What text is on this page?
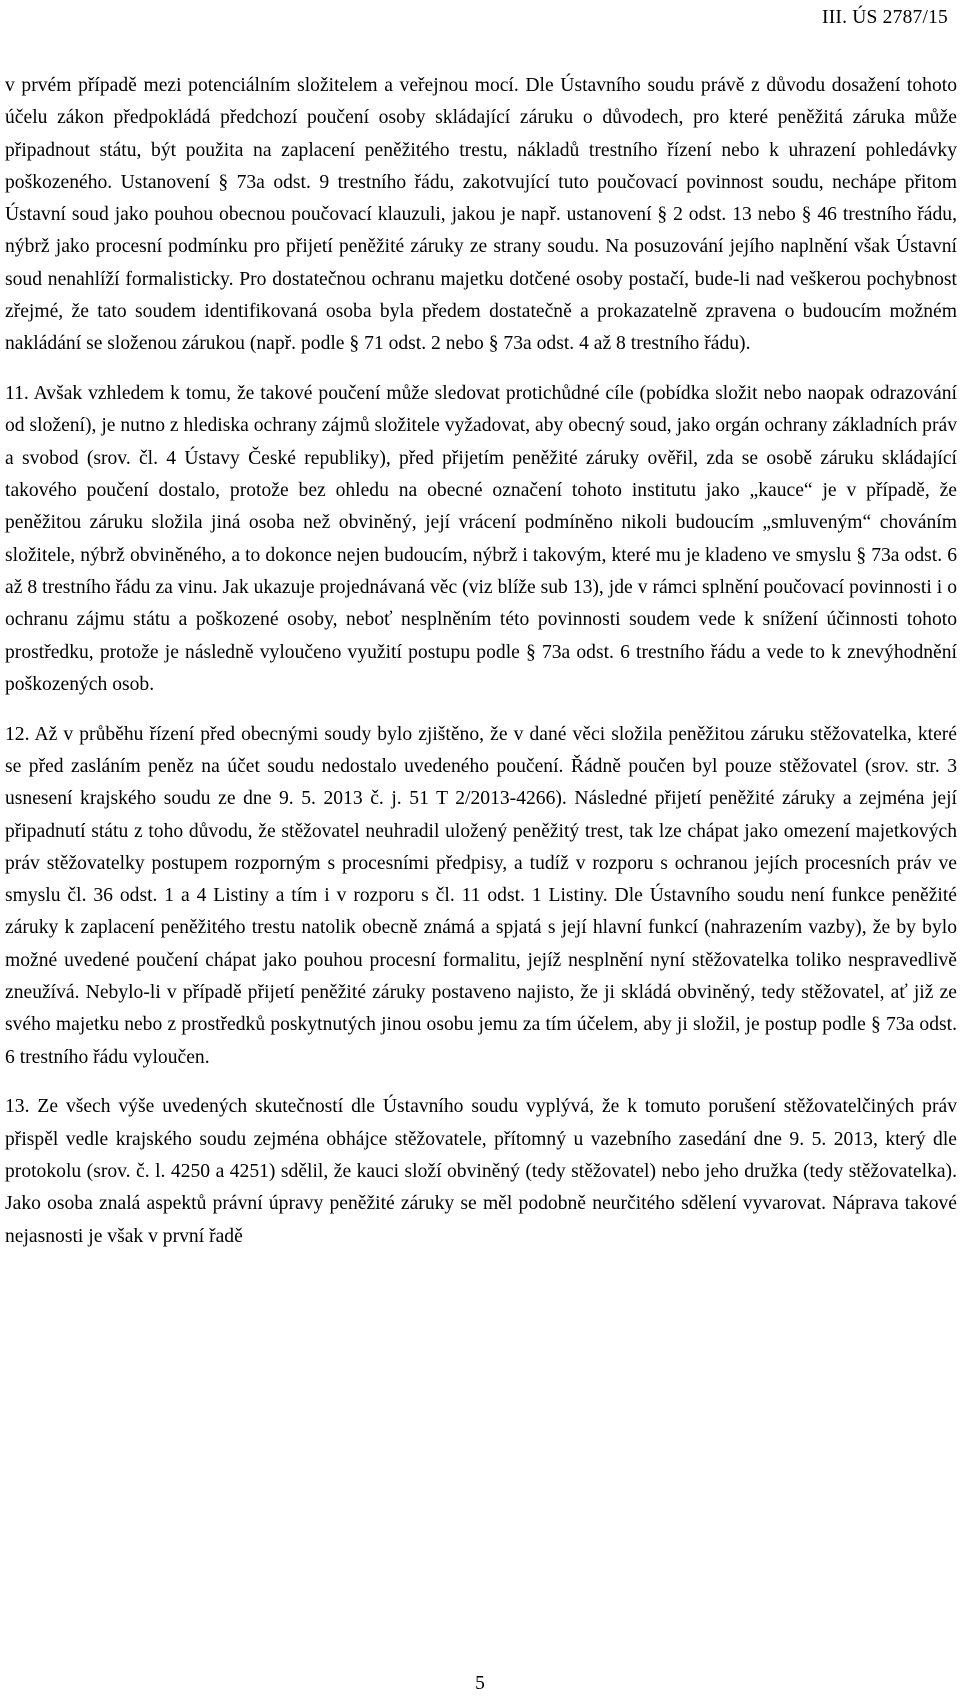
III. ÚS 2787/15

v prvém případě mezi potenciálním složitelem a veřejnou mocí. Dle Ústavního soudu právě z důvodu dosažení tohoto účelu zákon předpokládá předchozí poučení osoby skládající záruku o důvodech, pro které peněžitá záruka může připadnout státu, být použita na zaplacení peněžitého trestu, nákladů trestního řízení nebo k uhrazení pohledávky poškozeného. Ustanovení § 73a odst. 9 trestního řádu, zakotvující tuto poučovací povinnost soudu, nechápe přitom Ústavní soud jako pouhou obecnou poučovací klauzuli, jakou je např. ustanovení § 2 odst. 13 nebo § 46 trestního řádu, nýbrž jako procesní podmínku pro přijetí peněžité záruky ze strany soudu. Na posuzování jejího naplnění však Ústavní soud nenahlíží formalisticky. Pro dostatečnou ochranu majetku dotčené osoby postačí, bude-li nad veškerou pochybnost zřejmé, že tato soudem identifikovaná osoba byla předem dostatečně a prokazatelně zpravena o budoucím možném nakládání se složenou zárukou (např. podle § 71 odst. 2 nebo § 73a odst. 4 až 8 trestního řádu).

11. Avšak vzhledem k tomu, že takové poučení může sledovat protichůdné cíle (pobídka složit nebo naopak odrazování od složení), je nutno z hlediska ochrany zájmů složitele vyžadovat, aby obecný soud, jako orgán ochrany základních práv a svobod (srov. čl. 4 Ústavy České republiky), před přijetím peněžité záruky ověřil, zda se osobě záruku skládající takového poučení dostalo, protože bez ohledu na obecné označení tohoto institutu jako „kauce“ je v případě, že peněžitou záruku složila jiná osoba než obviněný, její vrácení podmíněno nikoli budoucím „smluveným“ chováním složitele, nýbrž obviněného, a to dokonce nejen budoucím, nýbrž i takovým, které mu je kladeno ve smyslu § 73a odst. 6 až 8 trestního řádu za vinu. Jak ukazuje projednávaná věc (viz blíže sub 13), jde v rámci splnění poučovací povinnosti i o ochranu zájmu státu a poškozené osoby, neboť nesplněním této povinnosti soudem vede k snížení účinnosti tohoto prostředku, protože je následně vyloučeno využití postupu podle § 73a odst. 6 trestního řádu a vede to k znevýhodnění poškozených osob.

12. Až v průběhu řízení před obecnými soudy bylo zjištěno, že v dané věci složila peněžitou záruku stěžovatelka, které se před zasláním peněz na účet soudu nedostalo uvedeného poučení. Řádně poučen byl pouze stěžovatel (srov. str. 3 usnesení krajského soudu ze dne 9. 5. 2013 č. j. 51 T 2/2013-4266). Následné přijetí peněžité záruky a zejména její připadnutí státu z toho důvodu, že stěžovatel neuhradil uložený peněžitý trest, tak lze chápat jako omezení majetkových práv stěžovatelky postupem rozporným s procesními předpisy, a tudíž v rozporu s ochranou jejích procesních práv ve smyslu čl. 36 odst. 1 a 4 Listiny a tím i v rozporu s čl. 11 odst. 1 Listiny. Dle Ústavního soudu není funkce peněžité záruky k zaplacení peněžitého trestu natolik obecně známá a spjatá s její hlavní funkcí (nahrazením vazby), že by bylo možné uvedené poučení chápat jako pouhou procesní formalitu, jejíž nesplnění nyní stěžovatelka toliko nespravedlivě zneužívá. Nebylo-li v případě přijetí peněžité záruky postaveno najisto, že ji skládá obviněný, tedy stěžovatel, ať již ze svého majetku nebo z prostředků poskytnutých jinou osobu jemu za tím účelem, aby ji složil, je postup podle § 73a odst. 6 trestního řádu vyloučen.

13. Ze všech výše uvedených skutečností dle Ústavního soudu vyplývá, že k tomuto porušení stěžovatelčiných práv přispěl vedle krajského soudu zejména obhájce stěžovatele, přítomný u vazebního zasedání dne 9. 5. 2013, který dle protokolu (srov. č. l. 4250 a 4251) sdělil, že kauci složí obviněný (tedy stěžovatel) nebo jeho družka (tedy stěžovatelka). Jako osoba znalá aspektů právní úpravy peněžité záruky se měl podobně neurčitého sdělení vyvarovat. Náprava takové nejasnosti je však v první řadě

5
